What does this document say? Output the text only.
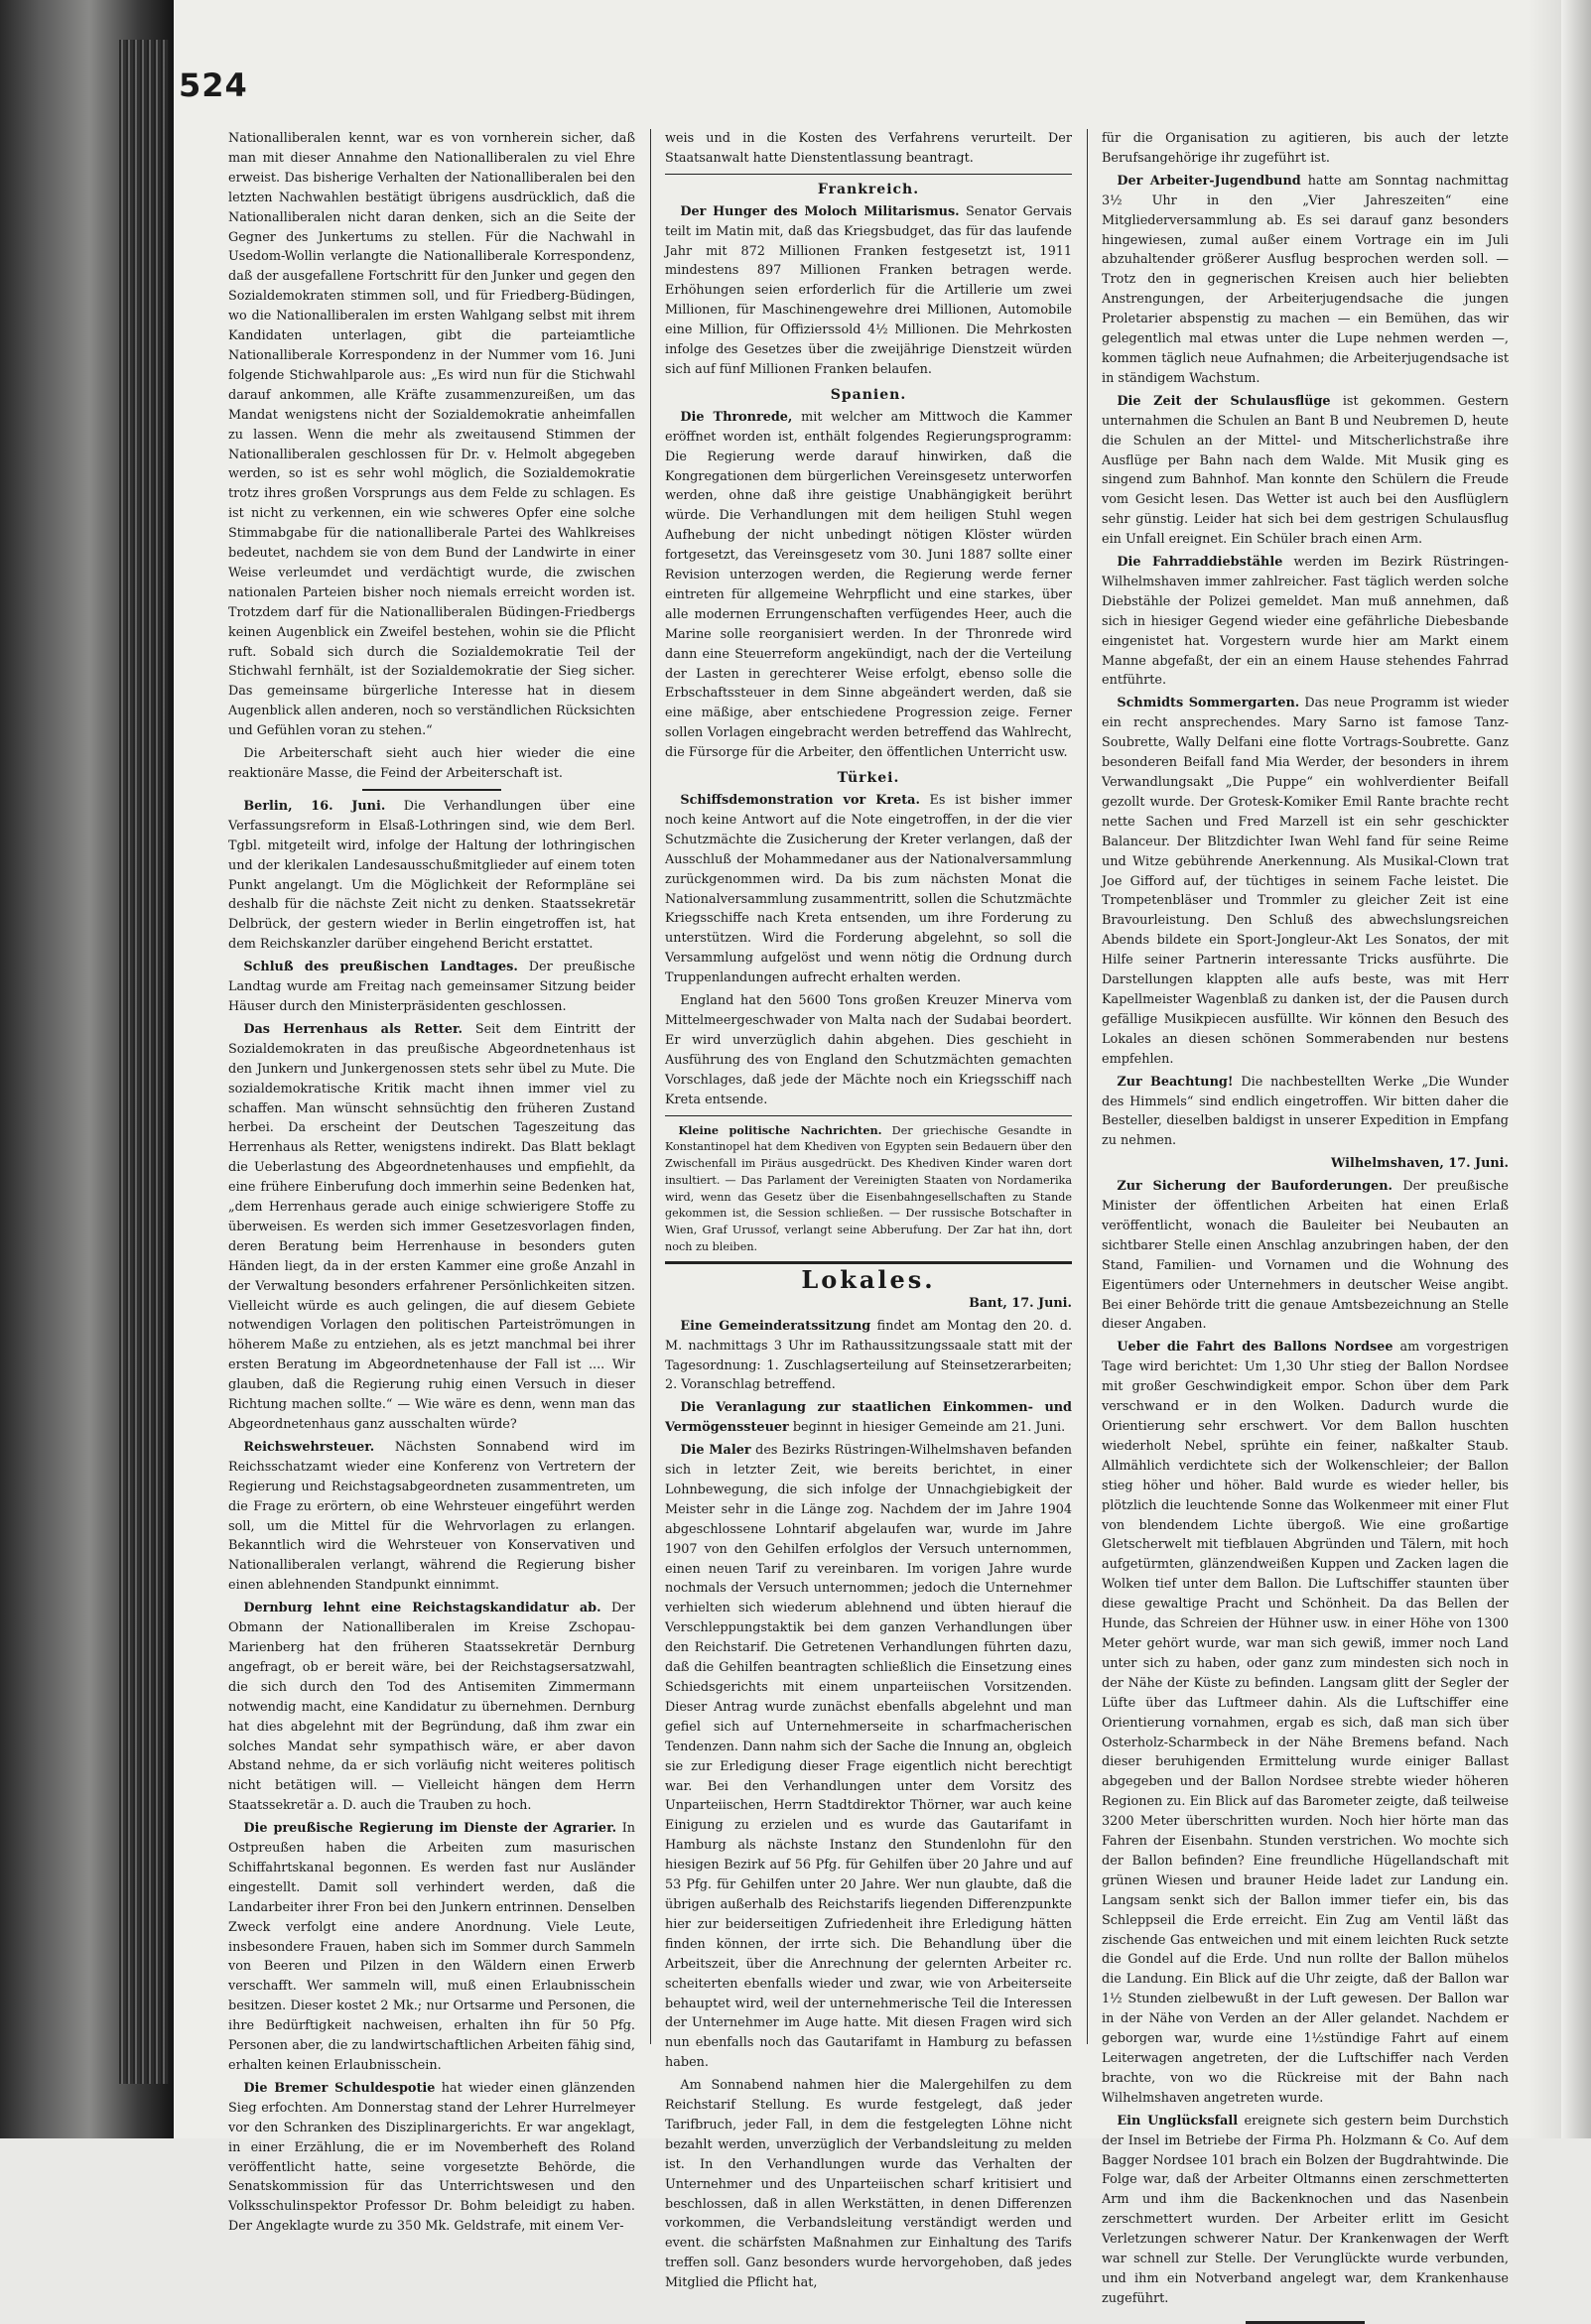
524

Nationalliberalen kennt, war es von vornherein sicher, daß man mit dieser Annahme den Nationalliberalen zu viel Ehre erweist. Das bisherige Verhalten der Nationalliberalen bei den letzten Nachwahlen bestätigt übrigens ausdrücklich, daß die Nationalliberalen nicht daran denken, sich an die Seite der Gegner des Junkertums zu stellen. Für die Nachwahl in Usedom-Wollin verlangte die Nationalliberale Korrespondenz, daß der ausgefallene Fortschritt für den Junker und gegen den Sozialdemokraten stimmen soll, und für Friedberg-Büdingen, wo die Nationalliberalen im ersten Wahlgang selbst mit ihrem Kandidaten unterlagen, gibt die parteiamtliche Nationalliberale Korrespondenz in der Nummer vom 16. Juni folgende Stichwahlparole aus: „Es wird nun für die Stichwahl darauf ankommen, alle Kräfte zusammenzureißen, um das Mandat wenigstens nicht der Sozialdemokratie anheimfallen zu lassen. Wenn die mehr als zweitausend Stimmen der Nationalliberalen geschlossen für Dr. v. Helmolt abgegeben werden, so ist es sehr wohl möglich, die Sozialdemokratie trotz ihres großen Vorsprungs aus dem Felde zu schlagen. Es ist nicht zu verkennen, ein wie schweres Opfer eine solche Stimmabgabe für die nationalliberale Partei des Wahlkreises bedeutet, nachdem sie von dem Bund der Landwirte in einer Weise verleumdet und verdächtigt wurde, die zwischen nationalen Parteien bisher noch niemals erreicht worden ist. Trotzdem darf für die Nationalliberalen Büdingen-Friedbergs keinen Augenblick ein Zweifel bestehen, wohin sie die Pflicht ruft. Sobald sich durch die Sozialdemokratie Teil der Stichwahl fernhält, ist der Sozialdemokratie der Sieg sicher. Das gemeinsame bürgerliche Interesse hat in diesem Augenblick allen anderen, noch so verständlichen Rücksichten und Gefühlen voran zu stehen.“

Die Arbeiterschaft sieht auch hier wieder die eine reaktionäre Masse, die Feind der Arbeiterschaft ist.

Berlin, 16. Juni. Die Verhandlungen über eine Verfassungsreform in Elsaß-Lothringen sind, wie dem Berl. Tgbl. mitgeteilt wird, infolge der Haltung der lothringischen und der klerikalen Landesausschußmitglieder auf einem toten Punkt angelangt. Um die Möglichkeit der Reformpläne sei deshalb für die nächste Zeit nicht zu denken. Staatssekretär Delbrück, der gestern wieder in Berlin eingetroffen ist, hat dem Reichskanzler darüber eingehend Bericht erstattet.

Schluß des preußischen Landtages. Der preußische Landtag wurde am Freitag nach gemeinsamer Sitzung beider Häuser durch den Ministerpräsidenten geschlossen.

Das Herrenhaus als Retter. Seit dem Eintritt der Sozialdemokraten in das preußische Abgeordnetenhaus ist den Junkern und Junkergenossen stets sehr übel zu Mute. Die sozialdemokratische Kritik macht ihnen immer viel zu schaffen. Man wünscht sehnsüchtig den früheren Zustand herbei. Da erscheint der Deutschen Tageszeitung das Herrenhaus als Retter, wenigstens indirekt. Das Blatt beklagt die Ueberlastung des Abgeordnetenhauses und empfiehlt, da eine frühere Einberufung doch immerhin seine Bedenken hat, „dem Herrenhaus gerade auch einige schwierigere Stoffe zu überweisen. Es werden sich immer Gesetzesvorlagen finden, deren Beratung beim Herrenhause in besonders guten Händen liegt, da in der ersten Kammer eine große Anzahl in der Verwaltung besonders erfahrener Persönlichkeiten sitzen. Vielleicht würde es auch gelingen, die auf diesem Gebiete notwendigen Vorlagen den politischen Parteiströmungen in höherem Maße zu entziehen, als es jetzt manchmal bei ihrer ersten Beratung im Abgeordnetenhause der Fall ist .... Wir glauben, daß die Regierung ruhig einen Versuch in dieser Richtung machen sollte.“ — Wie wäre es denn, wenn man das Abgeordnetenhaus ganz ausschalten würde?

Reichswehrsteuer. Nächsten Sonnabend wird im Reichsschatzamt wieder eine Konferenz von Vertretern der Regierung und Reichstagsabgeordneten zusammentreten, um die Frage zu erörtern, ob eine Wehrsteuer eingeführt werden soll, um die Mittel für die Wehrvorlagen zu erlangen. Bekanntlich wird die Wehrsteuer von Konservativen und Nationalliberalen verlangt, während die Regierung bisher einen ablehnenden Standpunkt einnimmt.

Dernburg lehnt eine Reichstagskandidatur ab. Der Obmann der Nationalliberalen im Kreise Zschopau-Marienberg hat den früheren Staatssekretär Dernburg angefragt, ob er bereit wäre, bei der Reichstagsersatzwahl, die sich durch den Tod des Antisemiten Zimmermann notwendig macht, eine Kandidatur zu übernehmen. Dernburg hat dies abgelehnt mit der Begründung, daß ihm zwar ein solches Mandat sehr sympathisch wäre, er aber davon Abstand nehme, da er sich vorläufig nicht weiteres politisch nicht betätigen will. — Vielleicht hängen dem Herrn Staatssekretär a. D. auch die Trauben zu hoch.

Die preußische Regierung im Dienste der Agrarier. In Ostpreußen haben die Arbeiten zum masurischen Schiffahrtskanal begonnen. Es werden fast nur Ausländer eingestellt. Damit soll verhindert werden, daß die Landarbeiter ihrer Fron bei den Junkern entrinnen. Denselben Zweck verfolgt eine andere Anordnung. Viele Leute, insbesondere Frauen, haben sich im Sommer durch Sammeln von Beeren und Pilzen in den Wäldern einen Erwerb verschafft. Wer sammeln will, muß einen Erlaubnisschein besitzen. Dieser kostet 2 Mk.; nur Ortsarme und Personen, die ihre Bedürftigkeit nachweisen, erhalten ihn für 50 Pfg. Personen aber, die zu landwirtschaftlichen Arbeiten fähig sind, erhalten keinen Erlaubnisschein.

Die Bremer Schuldespotie hat wieder einen glänzenden Sieg erfochten. Am Donnerstag stand der Lehrer Hurrelmeyer vor den Schranken des Disziplinargerichts. Er war angeklagt, in einer Erzählung, die er im Novemberheft des Roland veröffentlicht hatte, seine vorgesetzte Behörde, die Senatskommission für das Unterrichtswesen und den Volksschulinspektor Professor Dr. Bohm beleidigt zu haben. Der Angeklagte wurde zu 350 Mk. Geldstrafe, mit einem Ver-

weis und in die Kosten des Verfahrens verurteilt. Der Staatsanwalt hatte Dienstentlassung beantragt.

Frankreich.

Der Hunger des Moloch Militarismus. Senator Gervais teilt im Matin mit, daß das Kriegsbudget, das für das laufende Jahr mit 872 Millionen Franken festgesetzt ist, 1911 mindestens 897 Millionen Franken betragen werde. Erhöhungen seien erforderlich für die Artillerie um zwei Millionen, für Maschinengewehre drei Millionen, Automobile eine Million, für Offizierssold 4½ Millionen. Die Mehrkosten infolge des Gesetzes über die zweijährige Dienstzeit würden sich auf fünf Millionen Franken belaufen.

Spanien.

Die Thronrede, mit welcher am Mittwoch die Kammer eröffnet worden ist, enthält folgendes Regierungsprogramm: Die Regierung werde darauf hinwirken, daß die Kongregationen dem bürgerlichen Vereinsgesetz unterworfen werden, ohne daß ihre geistige Unabhängigkeit berührt würde. Die Verhandlungen mit dem heiligen Stuhl wegen Aufhebung der nicht unbedingt nötigen Klöster würden fortgesetzt, das Vereinsgesetz vom 30. Juni 1887 sollte einer Revision unterzogen werden, die Regierung werde ferner eintreten für allgemeine Wehrpflicht und eine starkes, über alle modernen Errungenschaften verfügendes Heer, auch die Marine solle reorganisiert werden. In der Thronrede wird dann eine Steuerreform angekündigt, nach der die Verteilung der Lasten in gerechterer Weise erfolgt, ebenso solle die Erbschaftssteuer in dem Sinne abgeändert werden, daß sie eine mäßige, aber entschiedene Progression zeige. Ferner sollen Vorlagen eingebracht werden betreffend das Wahlrecht, die Fürsorge für die Arbeiter, den öffentlichen Unterricht usw.

Türkei.

Schiffsdemonstration vor Kreta. Es ist bisher immer noch keine Antwort auf die Note eingetroffen, in der die vier Schutzmächte die Zusicherung der Kreter verlangen, daß der Ausschluß der Mohammedaner aus der Nationalversammlung zurückgenommen wird. Da bis zum nächsten Monat die Nationalversammlung zusammentritt, sollen die Schutzmächte Kriegsschiffe nach Kreta entsenden, um ihre Forderung zu unterstützen. Wird die Forderung abgelehnt, so soll die Versammlung aufgelöst und wenn nötig die Ordnung durch Truppenlandungen aufrecht erhalten werden.

England hat den 5600 Tons großen Kreuzer Minerva vom Mittelmeergeschwader von Malta nach der Sudabai beordert. Er wird unverzüglich dahin abgehen. Dies geschieht in Ausführung des von England den Schutzmächten gemachten Vorschlages, daß jede der Mächte noch ein Kriegsschiff nach Kreta entsende.

Kleine politische Nachrichten. Der griechische Gesandte in Konstantinopel hat dem Khediven von Egypten sein Bedauern über den Zwischenfall im Piräus ausgedrückt. Des Khediven Kinder waren dort insultiert. — Das Parlament der Vereinigten Staaten von Nordamerika wird, wenn das Gesetz über die Eisenbahngesellschaften zu Stande gekommen ist, die Session schließen. — Der russische Botschafter in Wien, Graf Urussof, verlangt seine Abberufung. Der Zar hat ihn, dort noch zu bleiben.

Lokales.

Bant, 17. Juni.

Eine Gemeinderatssitzung findet am Montag den 20. d. M. nachmittags 3 Uhr im Rathaussitzungssaale statt mit der Tagesordnung: 1. Zuschlagserteilung auf Steinsetzerarbeiten; 2. Voranschlag betreffend.

Die Veranlagung zur staatlichen Einkommen- und Vermögenssteuer beginnt in hiesiger Gemeinde am 21. Juni.

Die Maler des Bezirks Rüstringen-Wilhelmshaven befanden sich in letzter Zeit, wie bereits berichtet, in einer Lohnbewegung, die sich infolge der Unnachgiebigkeit der Meister sehr in die Länge zog. Nachdem der im Jahre 1904 abgeschlossene Lohntarif abgelaufen war, wurde im Jahre 1907 von den Gehilfen erfolglos der Versuch unternommen, einen neuen Tarif zu vereinbaren. Im vorigen Jahre wurde nochmals der Versuch unternommen; jedoch die Unternehmer verhielten sich wiederum ablehnend und übten hierauf die Verschleppungstaktik bei dem ganzen Verhandlungen über den Reichstarif. Die Getretenen Verhandlungen führten dazu, daß die Gehilfen beantragten schließlich die Einsetzung eines Schiedsgerichts mit einem unparteiischen Vorsitzenden. Dieser Antrag wurde zunächst ebenfalls abgelehnt und man gefiel sich auf Unternehmerseite in scharfmacherischen Tendenzen. Dann nahm sich der Sache die Innung an, obgleich sie zur Erledigung dieser Frage eigentlich nicht berechtigt war. Bei den Verhandlungen unter dem Vorsitz des Unparteiischen, Herrn Stadtdirektor Thörner, war auch keine Einigung zu erzielen und es wurde das Gautarifamt in Hamburg als nächste Instanz den Stundenlohn für den hiesigen Bezirk auf 56 Pfg. für Gehilfen über 20 Jahre und auf 53 Pfg. für Gehilfen unter 20 Jahre. Wer nun glaubte, daß die übrigen außerhalb des Reichstarifs liegenden Differenzpunkte hier zur beiderseitigen Zufriedenheit ihre Erledigung hätten finden können, der irrte sich. Die Behandlung über die Arbeitszeit, über die Anrechnung der gelernten Arbeiter rc. scheiterten ebenfalls wieder und zwar, wie von Arbeiterseite behauptet wird, weil der unternehmerische Teil die Interessen der Unternehmer im Auge hatte. Mit diesen Fragen wird sich nun ebenfalls noch das Gautarifamt in Hamburg zu befassen haben.

Am Sonnabend nahmen hier die Malergehilfen zu dem Reichstarif Stellung. Es wurde festgelegt, daß jeder Tarifbruch, jeder Fall, in dem die festgelegten Löhne nicht bezahlt werden, unverzüglich der Verbandsleitung zu melden ist. In den Verhandlungen wurde das Verhalten der Unternehmer und des Unparteiischen scharf kritisiert und beschlossen, daß in allen Werkstätten, in denen Differenzen vorkommen, die Verbandsleitung verständigt werden und event. die schärfsten Maßnahmen zur Einhaltung des Tarifs treffen soll. Ganz besonders wurde hervorgehoben, daß jedes Mitglied die Pflicht hat,

für die Organisation zu agitieren, bis auch der letzte Berufsangehörige ihr zugeführt ist.

Der Arbeiter-Jugendbund hatte am Sonntag nachmittag 3½ Uhr in den „Vier Jahreszeiten“ eine Mitgliederversammlung ab. Es sei darauf ganz besonders hingewiesen, zumal außer einem Vortrage ein im Juli abzuhaltender größerer Ausflug besprochen werden soll. — Trotz den in gegnerischen Kreisen auch hier beliebten Anstrengungen, der Arbeiterjugendsache die jungen Proletarier abspenstig zu machen — ein Bemühen, das wir gelegentlich mal etwas unter die Lupe nehmen werden —, kommen täglich neue Aufnahmen; die Arbeiterjugendsache ist in ständigem Wachstum.

Die Zeit der Schulausflüge ist gekommen. Gestern unternahmen die Schulen an Bant B und Neubremen D, heute die Schulen an der Mittel- und Mitscherlichstraße ihre Ausflüge per Bahn nach dem Walde. Mit Musik ging es singend zum Bahnhof. Man konnte den Schülern die Freude vom Gesicht lesen. Das Wetter ist auch bei den Ausflüglern sehr günstig. Leider hat sich bei dem gestrigen Schulausflug ein Unfall ereignet. Ein Schüler brach einen Arm.

Die Fahrraddiebstähle werden im Bezirk Rüstringen-Wilhelmshaven immer zahlreicher. Fast täglich werden solche Diebstähle der Polizei gemeldet. Man muß annehmen, daß sich in hiesiger Gegend wieder eine gefährliche Diebesbande eingenistet hat. Vorgestern wurde hier am Markt einem Manne abgefaßt, der ein an einem Hause stehendes Fahrrad entführte.

Schmidts Sommergarten. Das neue Programm ist wieder ein recht ansprechendes. Mary Sarno ist famose Tanz-Soubrette, Wally Delfani eine flotte Vortrags-Soubrette. Ganz besonderen Beifall fand Mia Werder, der besonders in ihrem Verwandlungsakt „Die Puppe“ ein wohlverdienter Beifall gezollt wurde. Der Grotesk-Komiker Emil Rante brachte recht nette Sachen und Fred Marzell ist ein sehr geschickter Balanceur. Der Blitzdichter Iwan Wehl fand für seine Reime und Witze gebührende Anerkennung. Als Musikal-Clown trat Joe Gifford auf, der tüchtiges in seinem Fache leistet. Die Trompetenbläser und Trommler zu gleicher Zeit ist eine Bravourleistung. Den Schluß des abwechslungsreichen Abends bildete ein Sport-Jongleur-Akt Les Sonatos, der mit Hilfe seiner Partnerin interessante Tricks ausführte. Die Darstellungen klappten alle aufs beste, was mit Herr Kapellmeister Wagenblaß zu danken ist, der die Pausen durch gefällige Musikpiecen ausfüllte. Wir können den Besuch des Lokales an diesen schönen Sommerabenden nur bestens empfehlen.

Zur Beachtung! Die nachbestellten Werke „Die Wunder des Himmels“ sind endlich eingetroffen. Wir bitten daher die Besteller, dieselben baldigst in unserer Expedition in Empfang zu nehmen.

Wilhelmshaven, 17. Juni.

Zur Sicherung der Bauforderungen. Der preußische Minister der öffentlichen Arbeiten hat einen Erlaß veröffentlicht, wonach die Bauleiter bei Neubauten an sichtbarer Stelle einen Anschlag anzubringen haben, der den Stand, Familien- und Vornamen und die Wohnung des Eigentümers oder Unternehmers in deutscher Weise angibt. Bei einer Behörde tritt die genaue Amtsbezeichnung an Stelle dieser Angaben.

Ueber die Fahrt des Ballons Nordsee am vorgestrigen Tage wird berichtet: Um 1,30 Uhr stieg der Ballon Nordsee mit großer Geschwindigkeit empor. Schon über dem Park verschwand er in den Wolken. Dadurch wurde die Orientierung sehr erschwert. Vor dem Ballon huschten wiederholt Nebel, sprühte ein feiner, naßkalter Staub. Allmählich verdichtete sich der Wolkenschleier; der Ballon stieg höher und höher. Bald wurde es wieder heller, bis plötzlich die leuchtende Sonne das Wolkenmeer mit einer Flut von blendendem Lichte übergoß. Wie eine großartige Gletscherwelt mit tiefblauen Abgründen und Tälern, mit hoch aufgetürmten, glänzendweißen Kuppen und Zacken lagen die Wolken tief unter dem Ballon. Die Luftschiffer staunten über diese gewaltige Pracht und Schönheit. Da das Bellen der Hunde, das Schreien der Hühner usw. in einer Höhe von 1300 Meter gehört wurde, war man sich gewiß, immer noch Land unter sich zu haben, oder ganz zum mindesten sich noch in der Nähe der Küste zu befinden. Langsam glitt der Segler der Lüfte über das Luftmeer dahin. Als die Luftschiffer eine Orientierung vornahmen, ergab es sich, daß man sich über Osterholz-Scharmbeck in der Nähe Bremens befand. Nach dieser beruhigenden Ermittelung wurde einiger Ballast abgegeben und der Ballon Nordsee strebte wieder höheren Regionen zu. Ein Blick auf das Barometer zeigte, daß teilweise 3200 Meter überschritten wurden. Noch hier hörte man das Fahren der Eisenbahn. Stunden verstrichen. Wo mochte sich der Ballon befinden? Eine freundliche Hügellandschaft mit grünen Wiesen und brauner Heide ladet zur Landung ein. Langsam senkt sich der Ballon immer tiefer ein, bis das Schleppseil die Erde erreicht. Ein Zug am Ventil läßt das zischende Gas entweichen und mit einem leichten Ruck setzte die Gondel auf die Erde. Und nun rollte der Ballon mühelos die Landung. Ein Blick auf die Uhr zeigte, daß der Ballon war 1½ Stunden zielbewußt in der Luft gewesen. Der Ballon war in der Nähe von Verden an der Aller gelandet. Nachdem er geborgen war, wurde eine 1½stündige Fahrt auf einem Leiterwagen angetreten, der die Luftschiffer nach Verden brachte, von wo die Rückreise mit der Bahn nach Wilhelmshaven angetreten wurde.

Ein Unglücksfall ereignete sich gestern beim Durchstich der Insel im Betriebe der Firma Ph. Holzmann & Co. Auf dem Bagger Nordsee 101 brach ein Bolzen der Bugdrahtwinde. Die Folge war, daß der Arbeiter Oltmanns einen zerschmetterten Arm und ihm die Backenknochen und das Nasenbein zerschmettert wurden. Der Arbeiter erlitt im Gesicht Verletzungen schwerer Natur. Der Krankenwagen der Werft war schnell zur Stelle. Der Verunglückte wurde verbunden, und ihm ein Notverband angelegt war, dem Krankenhause zugeführt.
